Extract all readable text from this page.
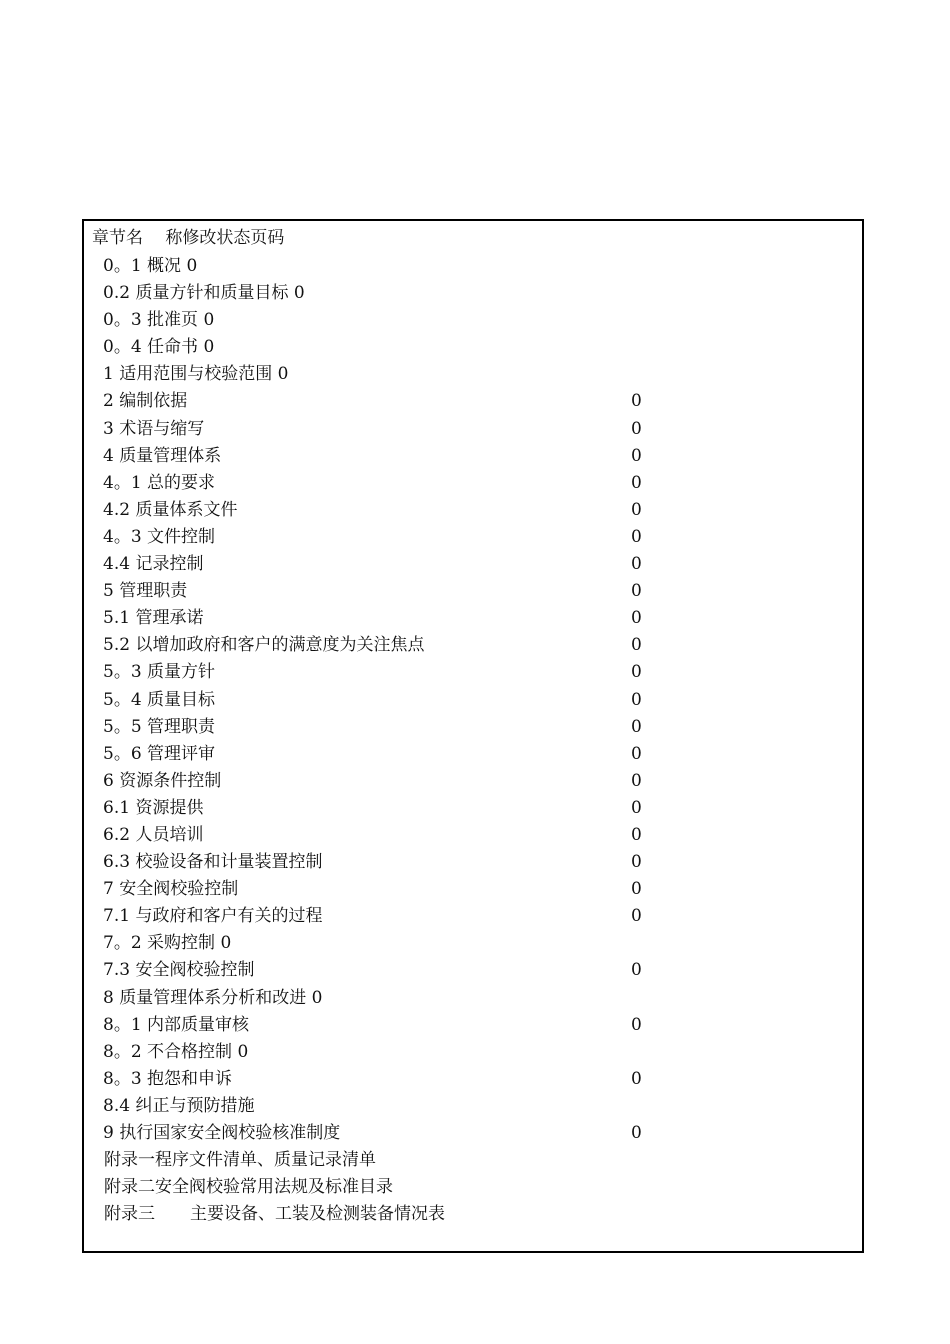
章节名　 称修改状态页码
0。1 概况 0
0.2 质量方针和质量目标 0
0。3 批准页 0
0。4 任命书 0
1 适用范围与校验范围 0
2 编制依据	0
3 术语与缩写	0
4 质量管理体系	0
4。1 总的要求	0
4.2 质量体系文件	0
4。3 文件控制	0
4.4 记录控制	0
5 管理职责	0
5.1 管理承诺	0
5.2 以增加政府和客户的满意度为关注焦点	0
5。3 质量方针	0
5。4 质量目标	0
5。5 管理职责	0
5。6 管理评审	0
6 资源条件控制	0
6.1 资源提供	0
6.2 人员培训	0
6.3 校验设备和计量装置控制	0
7 安全阀校验控制	0
7.1 与政府和客户有关的过程	0
7。2 采购控制 0
7.3 安全阀校验控制	0
8 质量管理体系分析和改进 0
8。1 内部质量审核	0
8。2 不合格控制 0
8。3 抱怨和申诉	0
8.4 纠正与预防措施
9 执行国家安全阀校验核准制度	0
附录一程序文件清单、质量记录清单
附录二安全阀校验常用法规及标准目录
附录三 主要设备、工装及检测装备情况表
